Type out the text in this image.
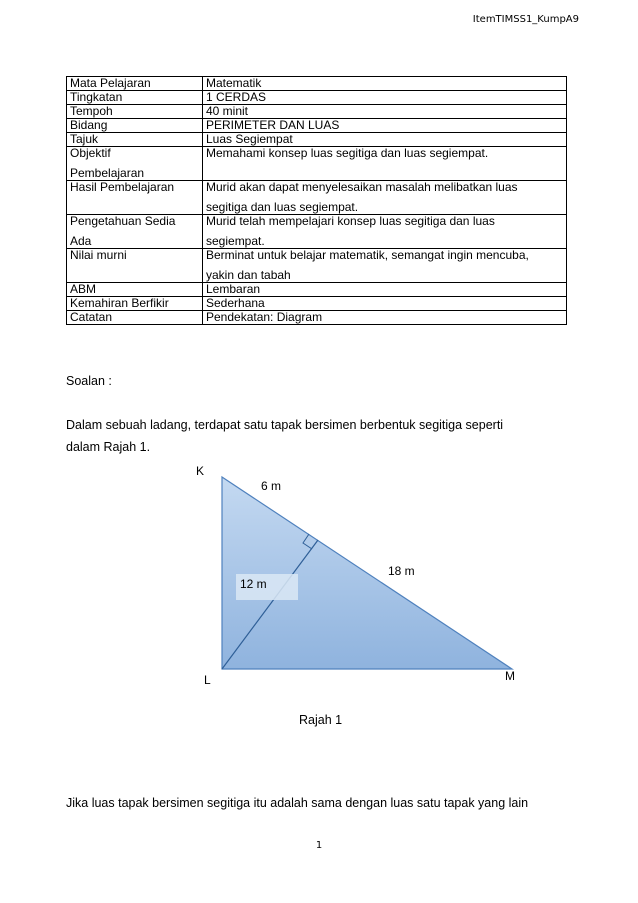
ItemTIMSS1_KumpA9
Mata Pelajaran	Matematik
Tingkatan	1 CERDAS
Tempoh	40 minit
Bidang	PERIMETER DAN LUAS
Tajuk	Luas Segiempat
Objektif
Pembelajaran	Memahami konsep luas segitiga dan luas segiempat.
Hasil Pembelajaran	Murid akan dapat menyelesaikan masalah melibatkan luas
segitiga dan luas segiempat.

Pengetahuan Sedia
Ada	Murid telah mempelajari konsep luas segitiga dan luas
segiempat.

Nilai murni	Berminat untuk belajar matematik, semangat ingin mencuba,
yakin dan tabah

ABM	Lembaran
Kemahiran Berfikir	Sederhana
Catatan	Pendekatan: Diagram
Soalan :
Dalam sebuah ladang, terdapat satu tapak bersimen berbentuk segitiga seperti
dalam Rajah 1.
K
6 m
18 m
12 m
L	M
Rajah 1
Jika luas tapak bersimen segitiga itu adalah sama dengan luas satu tapak yang lain
1
